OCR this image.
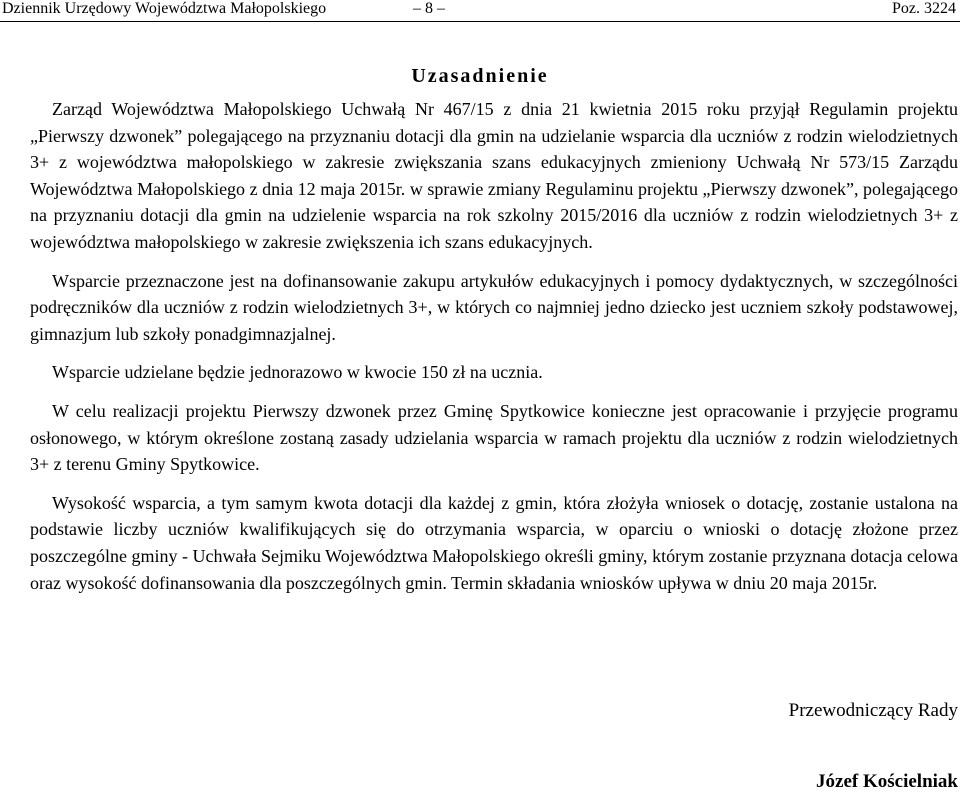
Dziennik Urzędowy Województwa Małopolskiego	– 8 –	Poz. 3224
Uzasadnienie

Zarząd Województwa Małopolskiego Uchwałą Nr 467/15 z dnia 21 kwietnia 2015 roku przyjął Regulamin projektu „Pierwszy dzwonek” polegającego na przyznaniu dotacji dla gmin na udzielanie wsparcia dla uczniów z rodzin wielodzietnych 3+ z województwa małopolskiego w zakresie zwiększania szans edukacyjnych zmieniony Uchwałą Nr 573/15 Zarządu Województwa Małopolskiego z dnia 12 maja 2015r. w sprawie zmiany Regulaminu projektu „Pierwszy dzwonek”, polegającego na przyznaniu dotacji dla gmin na udzielenie wsparcia na rok szkolny 2015/2016 dla uczniów z rodzin wielodzietnych 3+ z województwa małopolskiego w zakresie zwiększenia ich szans edukacyjnych.

Wsparcie przeznaczone jest na dofinansowanie zakupu artykułów edukacyjnych i pomocy dydaktycznych, w szczególności podręczników dla uczniów z rodzin wielodzietnych 3+, w których co najmniej jedno dziecko jest uczniem szkoły podstawowej, gimnazjum lub szkoły ponadgimnazjalnej.

Wsparcie udzielane będzie jednorazowo w kwocie 150 zł na ucznia.

W celu realizacji projektu Pierwszy dzwonek przez Gminę Spytkowice konieczne jest opracowanie i przyjęcie programu osłonowego, w którym określone zostaną zasady udzielania wsparcia w ramach projektu dla uczniów z rodzin wielodzietnych 3+ z terenu Gminy Spytkowice.

Wysokość wsparcia, a tym samym kwota dotacji dla każdej z gmin, która złożyła wniosek o dotację, zostanie ustalona na podstawie liczby uczniów kwalifikujących się do otrzymania wsparcia, w oparciu o wnioski o dotację złożone przez poszczególne gminy - Uchwała Sejmiku Województwa Małopolskiego określi gminy, którym zostanie przyznana dotacja celowa oraz wysokość dofinansowania dla poszczególnych gmin. Termin składania wniosków upływa w dniu 20 maja 2015r.

Przewodniczący Rady
Józef Kościelniak
